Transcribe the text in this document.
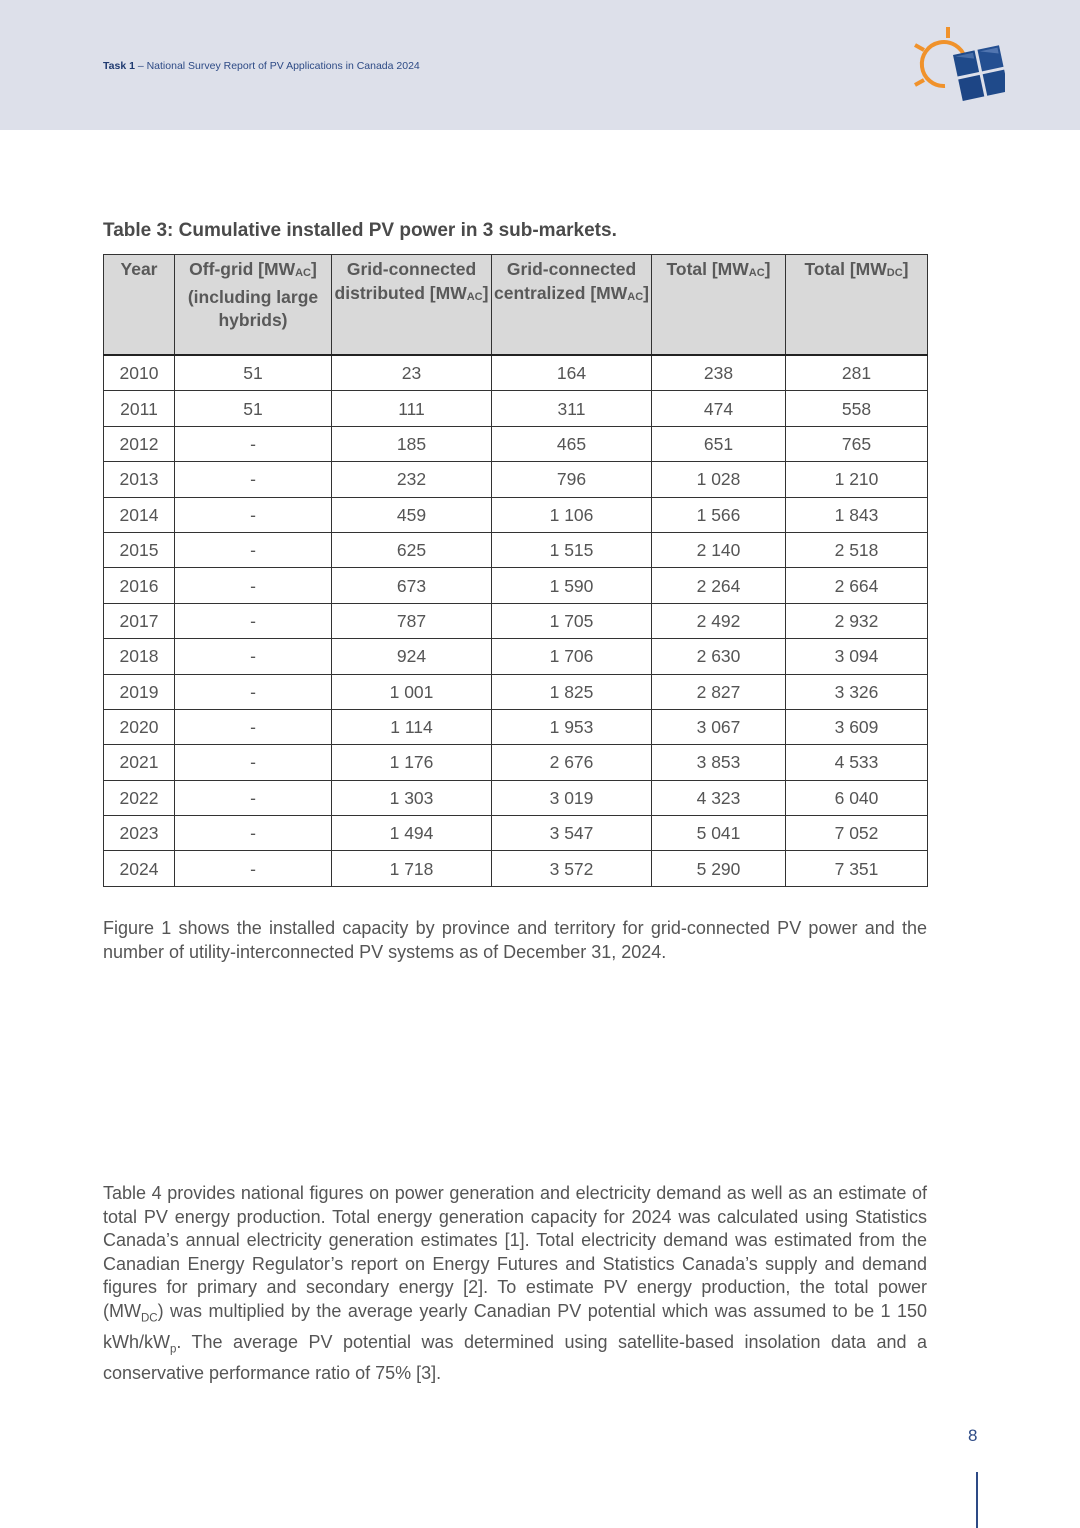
Task 1 – National Survey Report of PV Applications in Canada 2024
Table 3: Cumulative installed PV power in 3 sub-markets.
Year	Off-grid $[MW_{AC}]$ (including large hybrids)	Grid-connected distributed $[MW_{AC}]$	Grid-connected centralized $[MW_{AC}]$	Total $[MW_{AC}]$	Total $[MW_{DC}]$
2010	51	23	164	238	281
2011	51	111	311	474	558
2012	-	185	465	651	765
2013	-	232	796	1 028	1 210
2014	-	459	1 106	1 566	1 843
2015	-	625	1 515	2 140	2 518
2016	-	673	1 590	2 264	2 664
2017	-	787	1 705	2 492	2 932
2018	-	924	1 706	2 630	3 094
2019	-	1 001	1 825	2 827	3 326
2020	-	1 114	1 953	3 067	3 609
2021	-	1 176	2 676	3 853	4 533
2022	-	1 303	3 019	4 323	6 040
2023	-	1 494	3 547	5 041	7 052
2024	-	1 718	3 572	5 290	7 351
Figure 1 shows the installed capacity by province and territory for grid-connected PV power and the number of utility-interconnected PV systems as of December 31, 2024.
Table 4 provides national figures on power generation and electricity demand as well as an estimate of total PV energy production. Total energy generation capacity for 2024 was calculated using Statistics Canada’s annual electricity generation estimates [1]. Total electricity demand was estimated from the Canadian Energy Regulator’s report on Energy Futures and Statistics Canada’s supply and demand figures for primary and secondary energy [2]. To estimate PV energy production, the total power $(MW_{DC})$ was multiplied by the average yearly Canadian PV potential which was assumed to be 1 150 kWh/$kW_p$. The average PV potential was determined using satellite-based insolation data and a conservative performance ratio of 75% [3].
8
